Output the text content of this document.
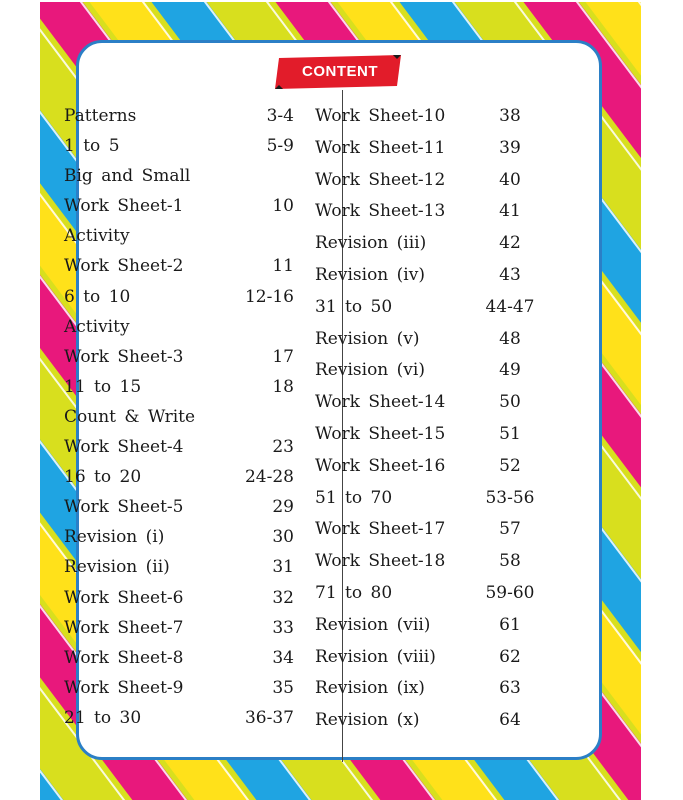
CONTENT
Patterns	3-4
1 to 5	5-9
Big and Small
Work Sheet-1	10
Activity
Work Sheet-2	11
6 to 10	12-16
Activity
Work Sheet-3	17
11 to 15	18
Count & Write
Work Sheet-4	23
16 to 20	24-28
Work Sheet-5	29
Revision (i)	30
Revision (ii)	31
Work Sheet-6	32
Work Sheet-7	33
Work Sheet-8	34
Work Sheet-9	35
21 to 30	36-37
Work Sheet-10	38
Work Sheet-11	39
Work Sheet-12	40
Work Sheet-13	41
Revision (iii)	42
Revision (iv)	43
31 to 50	44-47
Revision (v)	48
Revision (vi)	49
Work Sheet-14	50
Work Sheet-15	51
Work Sheet-16	52
51 to 70	53-56
Work Sheet-17	57
Work Sheet-18	58
71 to 80	59-60
Revision (vii)	61
Revision (viii)	62
Revision (ix)	63
Revision (x)	64
